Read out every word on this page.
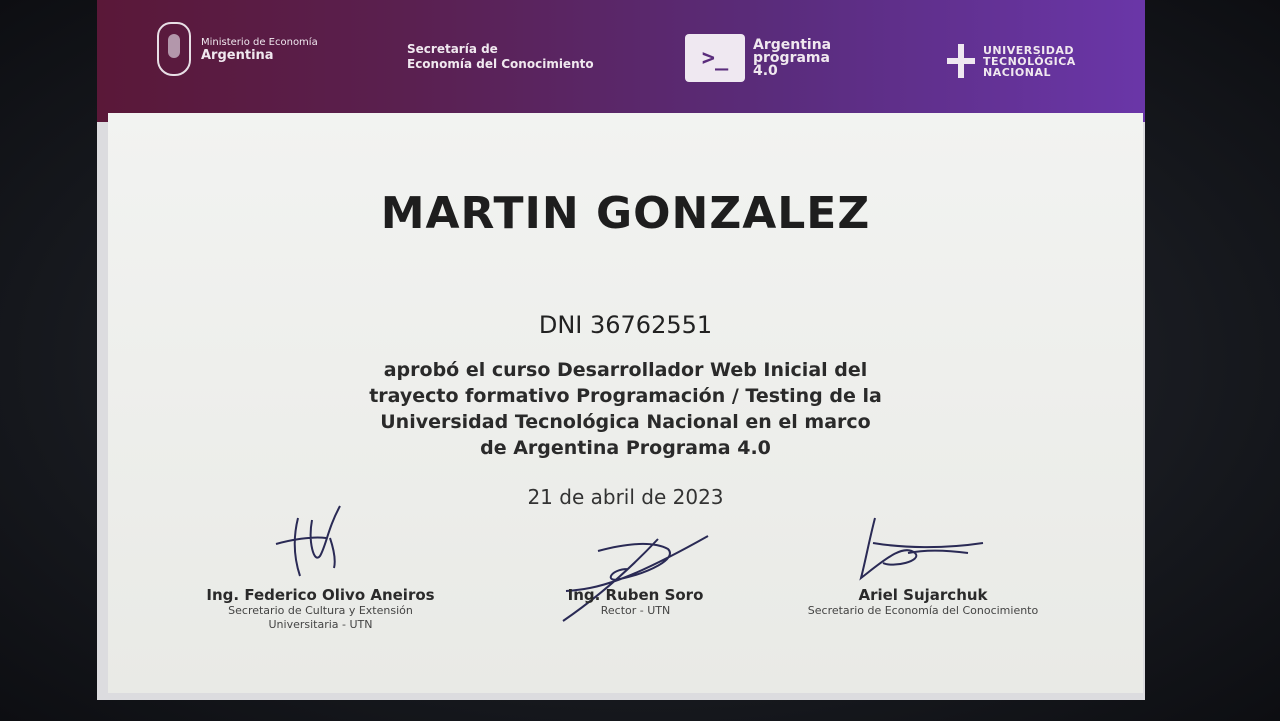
Ministerio de Economía
Argentina	Secretaría de
Economía del Conocimiento	>_
Argentina
programa
4.0
UNIVERSIDAD
TECNOLÓGICA
NACIONAL
MARTIN GONZALEZ
DNI 36762551
aprobó el curso Desarrollador Web Inicial del trayecto formativo Programación / Testing de la Universidad Tecnológica Nacional en el marco de Argentina Programa 4.0
21 de abril de 2023
Ing. Federico Olivo Aneiros
Secretario de Cultura y Extensión Universitaria - UTN
Ing. Ruben Soro
Rector - UTN
Ariel Sujarchuk
Secretario de Economía del Conocimiento
